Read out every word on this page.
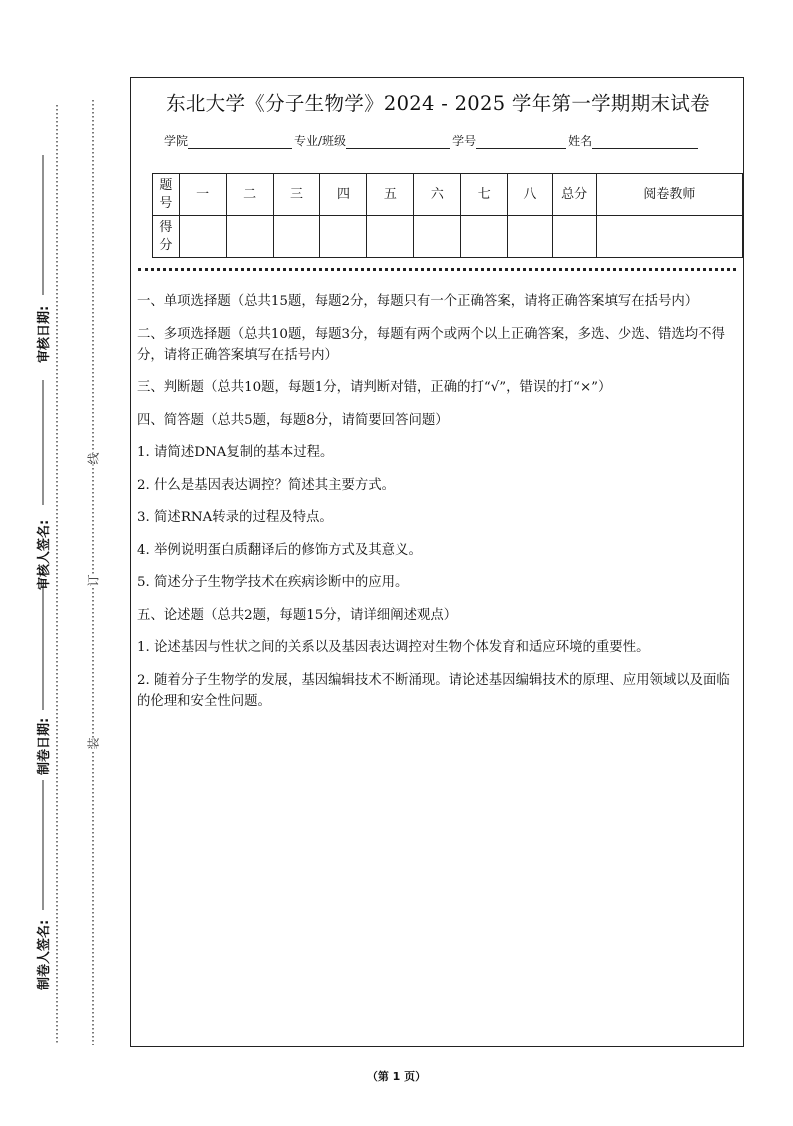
审核日期:
审核人签名:
制卷日期:
制卷人签名:
线
订
装
东北大学《分子生物学》2024 - 2025 学年第一学期期末试卷
学院	专业/班级	学号	姓名
题号	一	二	三	四	五	六	七	八	总分	阅卷教师
得分										

一、单项选择题（总共15题，每题2分，每题只有一个正确答案，请将正确答案填写在括号内）

二、多项选择题（总共10题，每题3分，每题有两个或两个以上正确答案，多选、少选、错选均不得分，请将正确答案填写在括号内）

三、判断题（总共10题，每题1分，请判断对错，正确的打“√”，错误的打“×”）

四、简答题（总共5题，每题8分，请简要回答问题）

1. 请简述DNA复制的基本过程。

2. 什么是基因表达调控？简述其主要方式。

3. 简述RNA转录的过程及特点。

4. 举例说明蛋白质翻译后的修饰方式及其意义。

5. 简述分子生物学技术在疾病诊断中的应用。

五、论述题（总共2题，每题15分，请详细阐述观点）

1. 论述基因与性状之间的关系以及基因表达调控对生物个体发育和适应环境的重要性。

2. 随着分子生物学的发展，基因编辑技术不断涌现。请论述基因编辑技术的原理、应用领域以及面临的伦理和安全性问题。

（第 1 页）
